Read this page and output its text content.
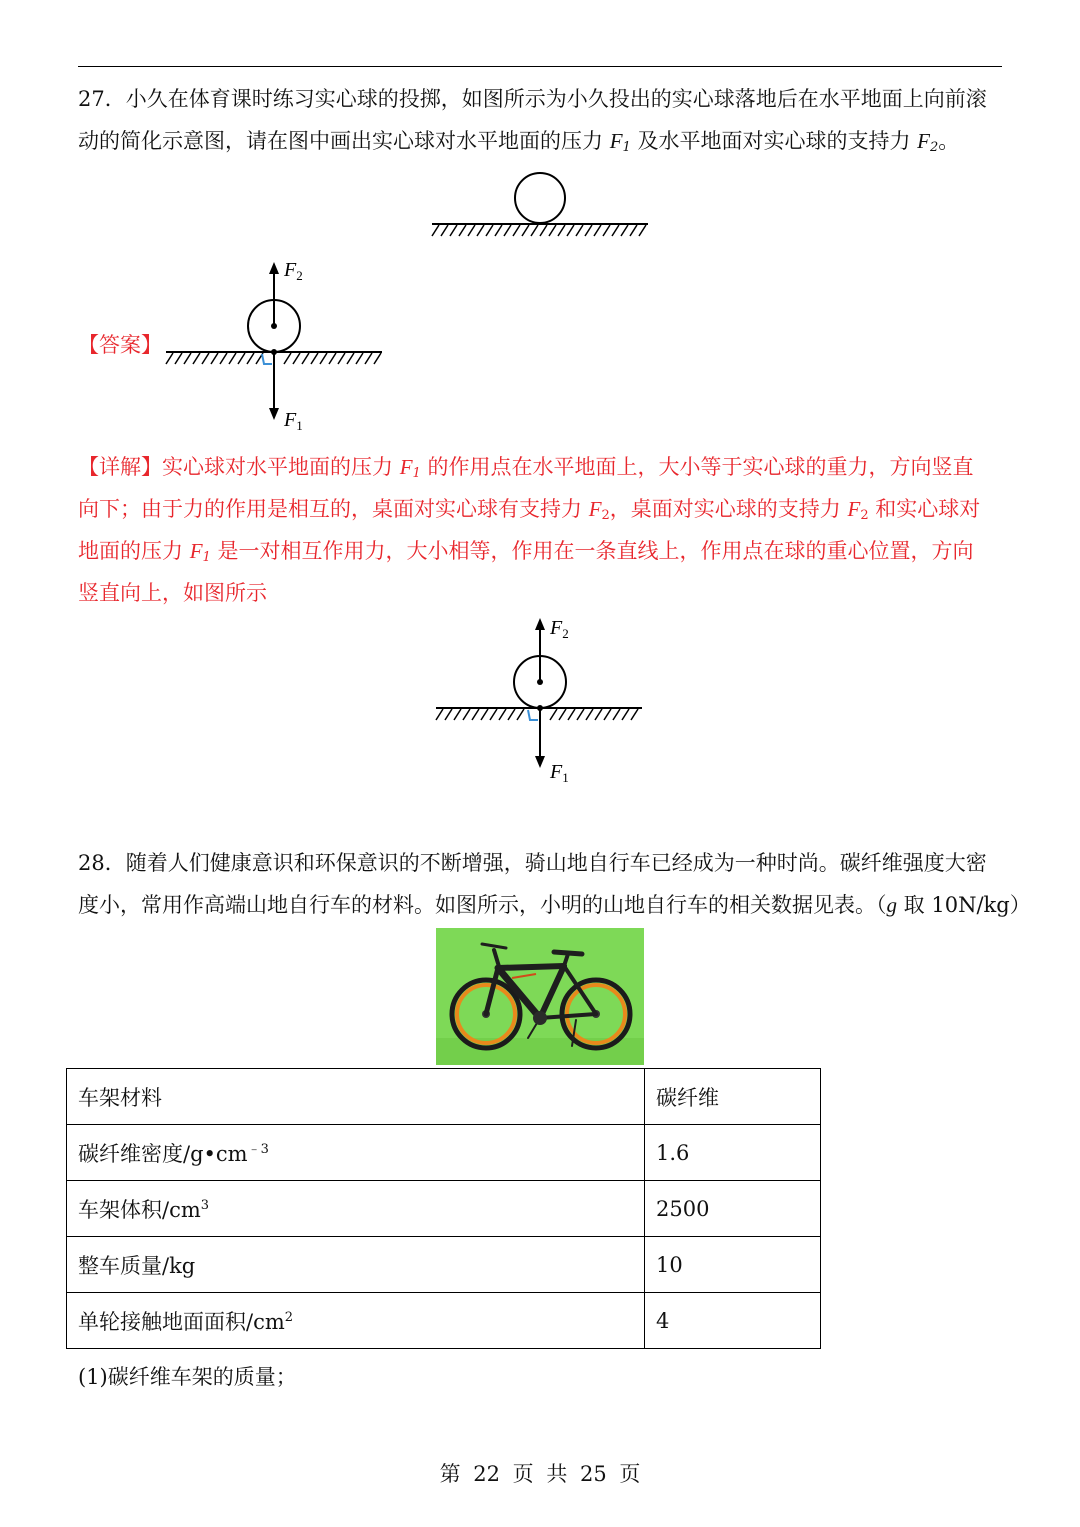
27．小久在体育课时练习实心球的投掷，如图所示为小久投出的实心球落地后在水平地面上向前滚
动的简化示意图，请在图中画出实心球对水平地面的压力 $F_1$ 及水平地面对实心球的支持力 $F_2$。
【答案】
$F_2$
$F_1$
【详解】实心球对水平地面的压力 $F_1$ 的作用点在水平地面上，大小等于实心球的重力，方向竖直
向下；由于力的作用是相互的，桌面对实心球有支持力 $F_2$，桌面对实心球的支持力 $F_2$ 和实心球对
地面的压力 $F_1$ 是一对相互作用力，大小相等，作用在一条直线上，作用点在球的重心位置，方向
竖直向上，如图所示
$F_2$
$F_1$
28．随着人们健康意识和环保意识的不断增强，骑山地自行车已经成为一种时尚。碳纤维强度大密
度小，常用作高端山地自行车的材料。如图所示，小明的山地自行车的相关数据见表。（g 取 10N/kg）
车架材料	碳纤维
碳纤维密度$/g•cm^{﹣3}$	1.6
车架体积$/cm^3$	2500
整车质量/kg	10
单轮接触地面面积$/cm^2$	4
(1)碳纤维车架的质量；
第 22 页 共 25 页
